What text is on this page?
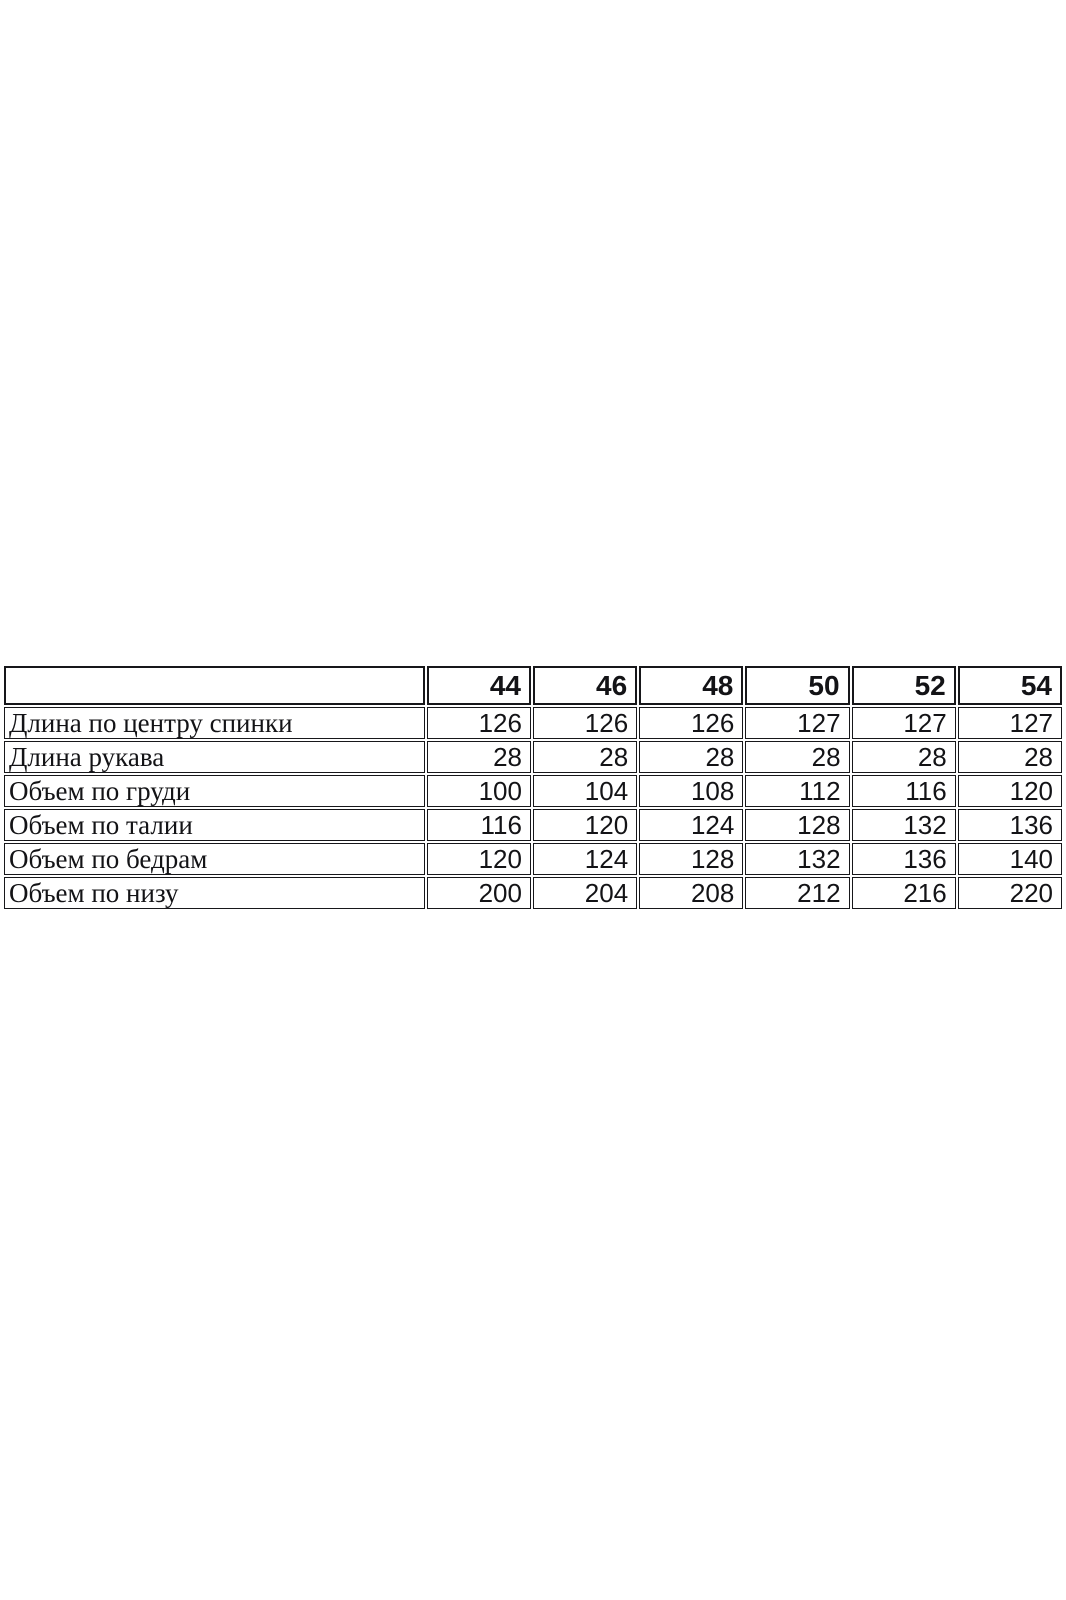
	44	46	48	50	52	54
Длина по центру спинки	126	126	126	127	127	127
Длина рукава	28	28	28	28	28	28
Объем по груди	100	104	108	112	116	120
Объем по талии	116	120	124	128	132	136
Объем по бедрам	120	124	128	132	136	140
Объем по низу	200	204	208	212	216	220
